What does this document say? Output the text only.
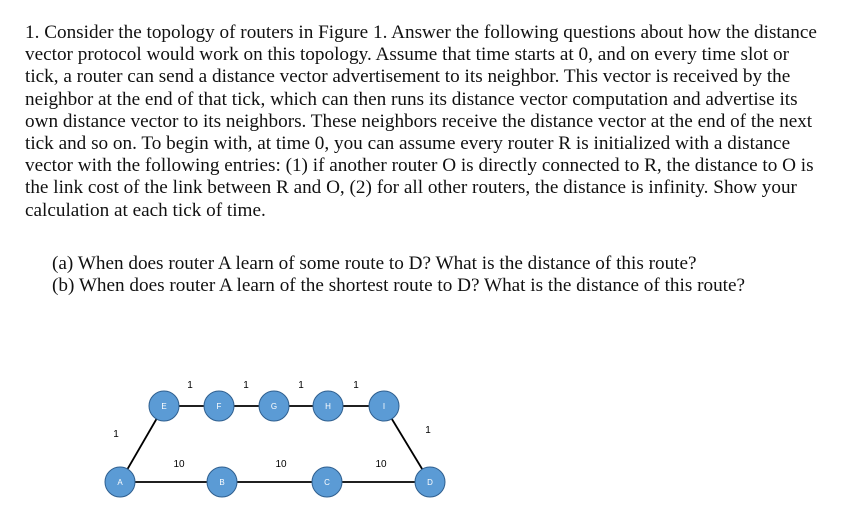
1. Consider the topology of routers in Figure 1. Answer the following questions about how the distance vector protocol would work on this topology. Assume that time starts at 0, and on every time slot or tick, a router can send a distance vector advertisement to its neighbor. This vector is received by the neighbor at the end of that tick, which can then runs its distance vector computation and advertise its own distance vector to its neighbors. These neighbors receive the distance vector at the end of the next tick and so on. To begin with, at time 0, you can assume every router R is initialized with a distance vector with the following entries: (1) if another router O is directly connected to R, the distance to O is the link cost of the link between R and O, (2) for all other routers, the distance is infinity. Show your calculation at each tick of time.

(a) When does router A learn of some route to D? What is the distance of this route?
(b) When does router A learn of the shortest route to D? What is the distance of this route?
1
1	1	1	1
1
10	10	10
E	F	G	H	I
A	B	C	D
